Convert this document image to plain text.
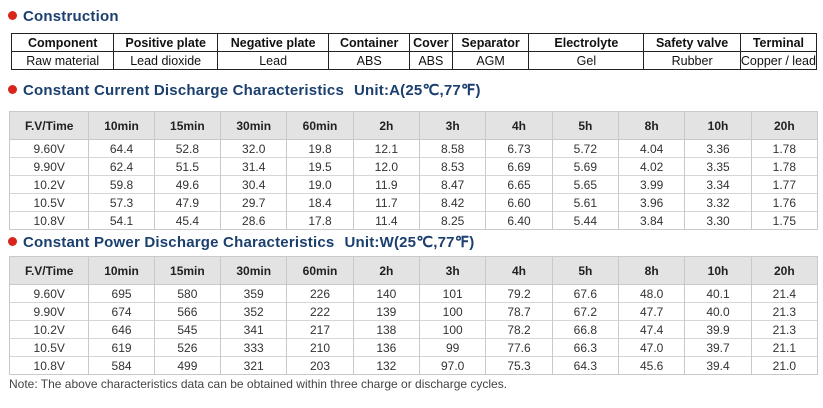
Construction
Component	Positive plate	Negative plate	Container	Cover	Separator	Electrolyte	Safety valve	Terminal
Raw material	Lead dioxide	Lead	ABS	ABS	AGM	Gel	Rubber	Copper / lead
Constant Current Discharge Characteristics Unit:A(25℃,77℉)
F.V/Time	10min	15min	30min	60min	2h	3h	4h	5h	8h	10h	20h
9.60V	64.4	52.8	32.0	19.8	12.1	8.58	6.73	5.72	4.04	3.36	1.78
9.90V	62.4	51.5	31.4	19.5	12.0	8.53	6.69	5.69	4.02	3.35	1.78
10.2V	59.8	49.6	30.4	19.0	11.9	8.47	6.65	5.65	3.99	3.34	1.77
10.5V	57.3	47.9	29.7	18.4	11.7	8.42	6.60	5.61	3.96	3.32	1.76
10.8V	54.1	45.4	28.6	17.8	11.4	8.25	6.40	5.44	3.84	3.30	1.75
Constant Power Discharge Characteristics Unit:W(25℃,77℉)
F.V/Time	10min	15min	30min	60min	2h	3h	4h	5h	8h	10h	20h
9.60V	695	580	359	226	140	101	79.2	67.6	48.0	40.1	21.4
9.90V	674	566	352	222	139	100	78.7	67.2	47.7	40.0	21.3
10.2V	646	545	341	217	138	100	78.2	66.8	47.4	39.9	21.3
10.5V	619	526	333	210	136	99	77.6	66.3	47.0	39.7	21.1
10.8V	584	499	321	203	132	97.0	75.3	64.3	45.6	39.4	21.0
Note: The above characteristics data can be obtained within three charge or discharge cycles.
